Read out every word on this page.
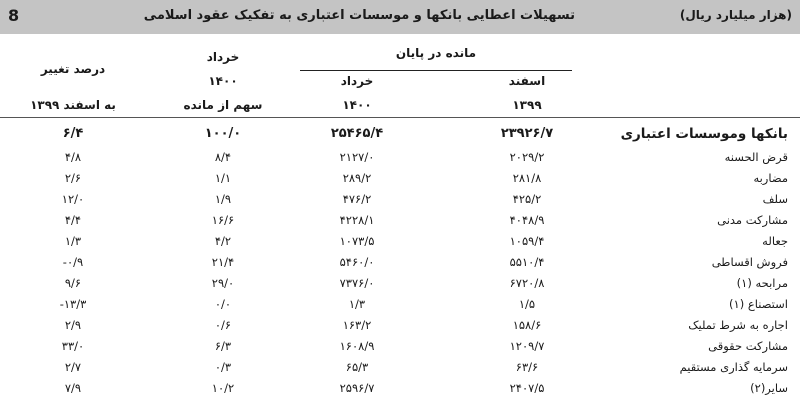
8	تسهیلات اعطایی بانکها و موسسات اعتباری به تفکیک عقود اسلامی	(هزار میلیارد ریال)
مانده در پایان
اسفند
۱۳۹۹
خرداد
۱۴۰۰
خرداد
۱۴۰۰
سهم از مانده
درصد تغییر
به اسفند ۱۳۹۹
بانکها وموسسات اعتباری
۲۳۹۲۶/۷
۲۵۴۶۵/۴
۱۰۰/۰
۶/۴
قرض الحسنه
۲۰۲۹/۲
۲۱۲۷/۰
۸/۴
۴/۸
مضاربه
۲۸۱/۸
۲۸۹/۲
۱/۱
۲/۶
سلف
۴۲۵/۲
۴۷۶/۲
۱/۹
۱۲/۰
مشارکت مدنی
۴۰۴۸/۹
۴۲۲۸/۱
۱۶/۶
۴/۴
جعاله
۱۰۵۹/۴
۱۰۷۳/۵
۴/۲
۱/۳
فروش اقساطی
۵۵۱۰/۴
۵۴۶۰/۰
۲۱/۴
-۰/۹
مرابحه (۱)
۶۷۲۰/۸
۷۳۷۶/۰
۲۹/۰
۹/۶
استصناع (۱)
۱/۵
۱/۳
۰/۰
-۱۳/۳
اجاره به شرط تملیک
۱۵۸/۶
۱۶۳/۲
۰/۶
۲/۹
مشارکت حقوقی
۱۲۰۹/۷
۱۶۰۸/۹
۶/۳
۳۳/۰
سرمایه گذاری مستقیم
۶۳/۶
۶۵/۳
۰/۳
۲/۷
سایر(۲)
۲۴۰۷/۵
۲۵۹۶/۷
۱۰/۲
۷/۹
